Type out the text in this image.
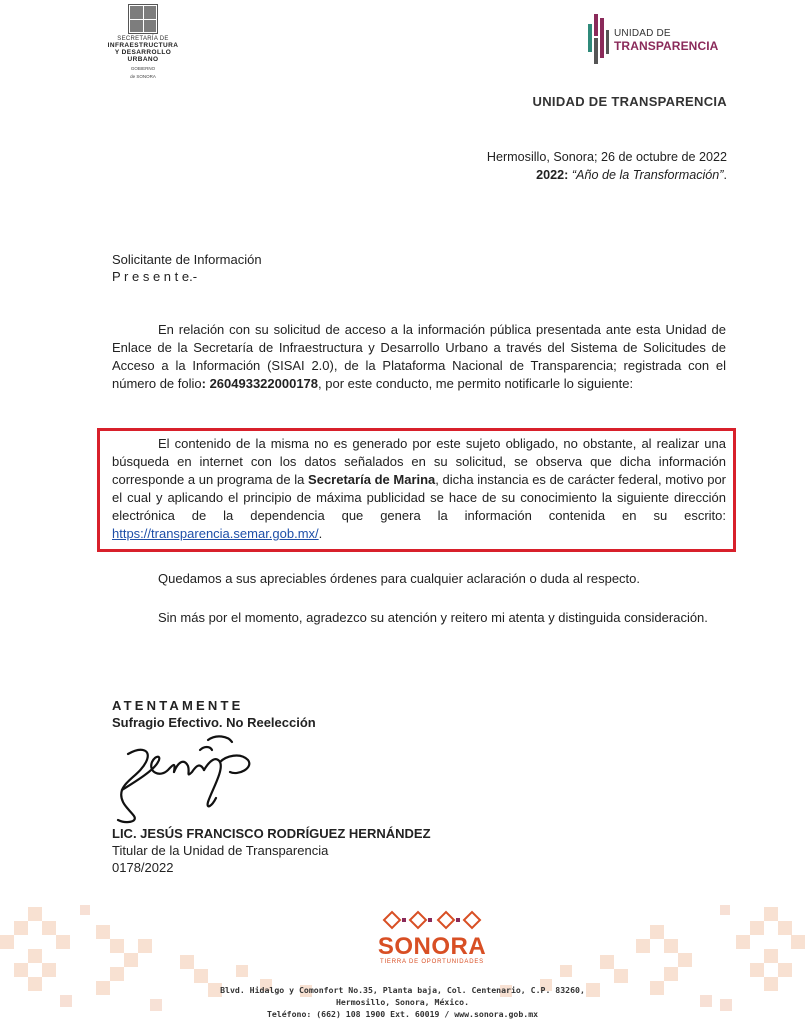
SECRETARÍA DE
INFRAESTRUCTURA
Y DESARROLLO
URBANO
GOBIERNO
de SONORA
UNIDAD DE
TRANSPARENCIA
UNIDAD DE TRANSPARENCIA
Hermosillo, Sonora; 26 de octubre de 2022
2022: “Año de la Transformación”.
Solicitante de Información
P r e s e n t e.-
En relación con su solicitud de acceso a la información pública presentada ante esta Unidad de Enlace de la Secretaría de Infraestructura y Desarrollo Urbano a través del Sistema de Solicitudes de Acceso a la Información (SISAI 2.0), de la Plataforma Nacional de Transparencia; registrada con el número de folio: 260493322000178, por este conducto, me permito notificarle lo siguiente:
El contenido de la misma no es generado por este sujeto obligado, no obstante, al realizar una búsqueda en internet con los datos señalados en su solicitud, se observa que dicha información corresponde a un programa de la Secretaría de Marina, dicha instancia es de carácter federal, motivo por el cual y aplicando el principio de máxima publicidad se hace de su conocimiento la siguiente dirección electrónica de la dependencia que genera la información contenida en su escrito: https://transparencia.semar.gob.mx/.
Quedamos a sus apreciables órdenes para cualquier aclaración o duda al respecto.
Sin más por el momento, agradezco su atención y reitero mi atenta y distinguida consideración.
ATENTAMENTE
Sufragio Efectivo. No Reelección
LIC. JESÚS FRANCISCO RODRÍGUEZ HERNÁNDEZ
Titular de la Unidad de Transparencia
0178/2022
SONORA
TIERRA DE OPORTUNIDADES
Blvd. Hidalgo y Comonfort No.35, Planta baja, Col. Centenario, C.P. 83260,
Hermosillo, Sonora, México.
Teléfono: (662) 108 1900 Ext. 60019 / www.sonora.gob.mx
